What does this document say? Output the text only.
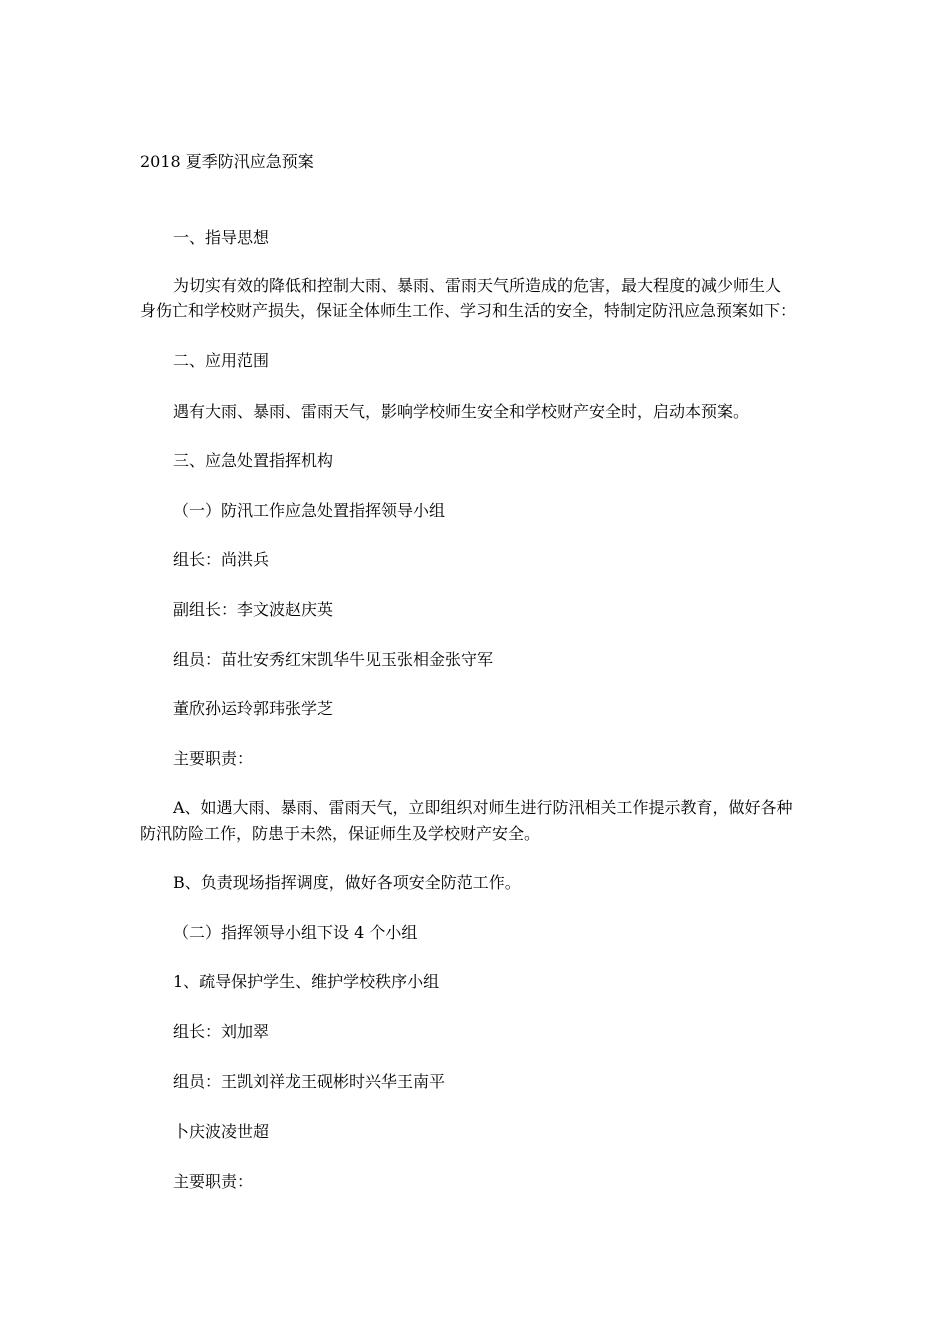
2018 夏季防汛应急预案
一、指导思想
为切实有效的降低和控制大雨、暴雨、雷雨天气所造成的危害，最大程度的减少师生人
身伤亡和学校财产损失，保证全体师生工作、学习和生活的安全，特制定防汛应急预案如下：
二、应用范围
遇有大雨、暴雨、雷雨天气，影响学校师生安全和学校财产安全时，启动本预案。
三、应急处置指挥机构
（一）防汛工作应急处置指挥领导小组
组长：尚洪兵
副组长：李文波赵庆英
组员：苗壮安秀红宋凯华牛见玉张相金张守军
董欣孙运玲郭玮张学芝
主要职责：
A、如遇大雨、暴雨、雷雨天气，立即组织对师生进行防汛相关工作提示教育，做好各种
防汛防险工作，防患于未然，保证师生及学校财产安全。
B、负责现场指挥调度，做好各项安全防范工作。
（二）指挥领导小组下设 4 个小组
1、疏导保护学生、维护学校秩序小组
组长：刘加翠
组员：王凯刘祥龙王砚彬时兴华王南平
卜庆波凌世超
主要职责：
